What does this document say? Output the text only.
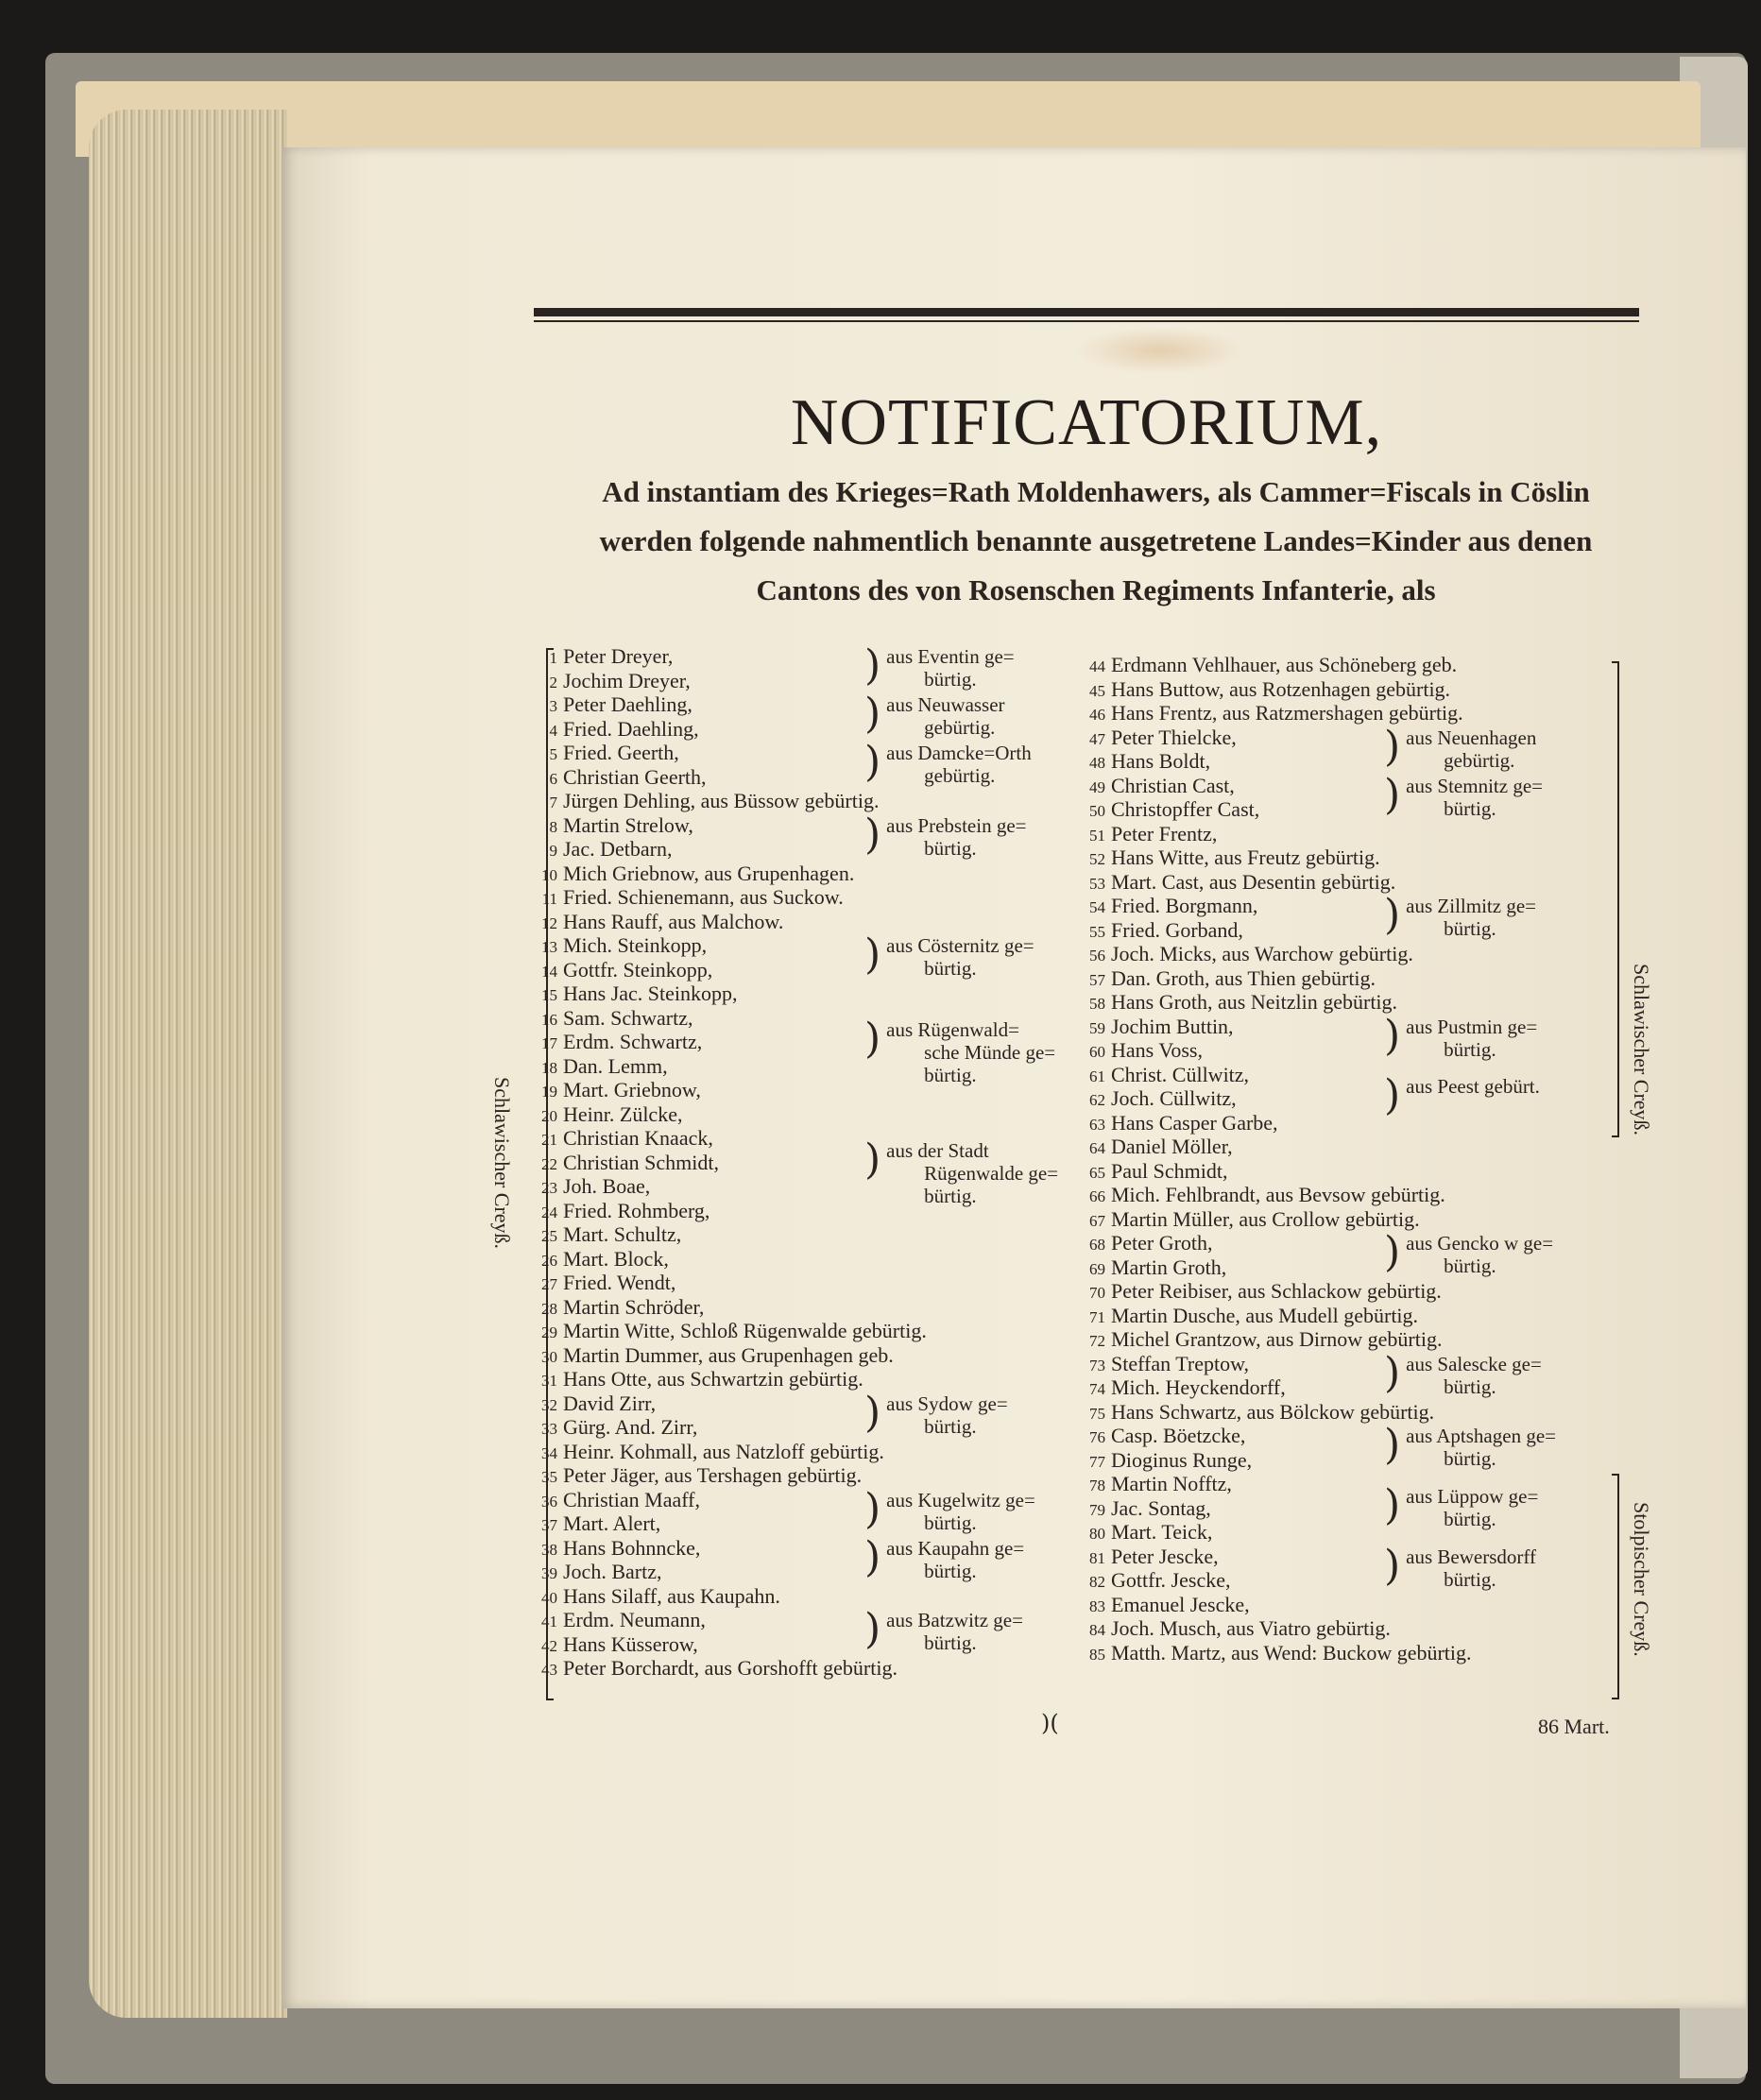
NOTIFICATORIUM,
Ad instantiam des Krieges=Rath Moldenhawers, als Cammer=Fiscals in Cöslin
werden folgende nahmentlich benannte ausgetretene Landes=Kinder aus denen
Cantons des von Rosenschen Regiments Infanterie, als
1 Peter Dreyer,
2 Jochim Dreyer,
3 Peter Daehling,
4 Fried. Daehling,
5 Fried. Geerth,
6 Christian Geerth,
7 Jürgen Dehling, aus Büssow gebürtig.
8 Martin Strelow,
9 Jac. Detbarn,
10 Mich Griebnow, aus Grupenhagen.
11 Fried. Schienemann, aus Suckow.
12 Hans Rauff, aus Malchow.
13 Mich. Steinkopp,
14 Gottfr. Steinkopp,
15 Hans Jac. Steinkopp,
16 Sam. Schwartz,
17 Erdm. Schwartz,
18 Dan. Lemm,
19 Mart. Griebnow,
20 Heinr. Zülcke,
21 Christian Knaack,
22 Christian Schmidt,
23 Joh. Boae,
24 Fried. Rohmberg,
25 Mart. Schultz,
26 Mart. Block,
27 Fried. Wendt,
28 Martin Schröder,
29 Martin Witte, Schloß Rügenwalde gebürtig.
30 Martin Dummer, aus Grupenhagen geb.
31 Hans Otte, aus Schwartzin gebürtig.
32 David Zirr,
33 Gürg. And. Zirr,
34 Heinr. Kohmall, aus Natzloff gebürtig.
35 Peter Jäger, aus Tershagen gebürtig.
36 Christian Maaff,
37 Mart. Alert,
38 Hans Bohnncke,
39 Joch. Bartz,
40 Hans Silaff, aus Kaupahn.
41 Erdm. Neumann,
42 Hans Küsserow,
43 Peter Borchardt, aus Gorshofft gebürtig.
) aus Eventin ge=
bürtig.
) aus Neuwasser
gebürtig.
) aus Damcke=Orth
gebürtig.
) aus Prebstein ge=
bürtig.
) aus Cösternitz ge=
bürtig.
) aus Rügenwald=
sche Münde ge=
bürtig.
) aus der Stadt
Rügenwalde ge=
bürtig.
) aus Sydow ge=
bürtig.
) aus Kugelwitz ge=
bürtig.
) aus Kaupahn ge=
bürtig.
) aus Batzwitz ge=
bürtig.
44 Erdmann Vehlhauer, aus Schöneberg geb.
45 Hans Buttow, aus Rotzenhagen gebürtig.
46 Hans Frentz, aus Ratzmershagen gebürtig.
47 Peter Thielcke,
48 Hans Boldt,
49 Christian Cast,
50 Christopffer Cast,
51 Peter Frentz,
52 Hans Witte, aus Freutz gebürtig.
53 Mart. Cast, aus Desentin gebürtig.
54 Fried. Borgmann,
55 Fried. Gorband,
56 Joch. Micks, aus Warchow gebürtig.
57 Dan. Groth, aus Thien gebürtig.
58 Hans Groth, aus Neitzlin gebürtig.
59 Jochim Buttin,
60 Hans Voss,
61 Christ. Cüllwitz,
62 Joch. Cüllwitz,
63 Hans Casper Garbe,
64 Daniel Möller,
65 Paul Schmidt,
66 Mich. Fehlbrandt, aus Bevsow gebürtig.
67 Martin Müller, aus Crollow gebürtig.
68 Peter Groth,
69 Martin Groth,
70 Peter Reibiser, aus Schlackow gebürtig.
71 Martin Dusche, aus Mudell gebürtig.
72 Michel Grantzow, aus Dirnow gebürtig.
73 Steffan Treptow,
74 Mich. Heyckendorff,
75 Hans Schwartz, aus Bölckow gebürtig.
76 Casp. Böetzcke,
77 Dioginus Runge,
78 Martin Nofftz,
79 Jac. Sontag,
80 Mart. Teick,
81 Peter Jescke,
82 Gottfr. Jescke,
83 Emanuel Jescke,
84 Joch. Musch, aus Viatro gebürtig.
85 Matth. Martz, aus Wend: Buckow gebürtig.
) aus Neuenhagen
gebürtig.
) aus Stemnitz ge=
bürtig.
) aus Zillmitz ge=
bürtig.
) aus Pustmin ge=
bürtig.
) aus Peest gebürt.
) aus Gencko w ge=
bürtig.
) aus Salescke ge=
bürtig.
) aus Aptshagen ge=
bürtig.
) aus Lüppow ge=
bürtig.
) aus Bewersdorff
bürtig.
Schlawischer Creyß.
Schlawischer Creyß.
Stolpischer Creyß.
)(	86 Mart.
